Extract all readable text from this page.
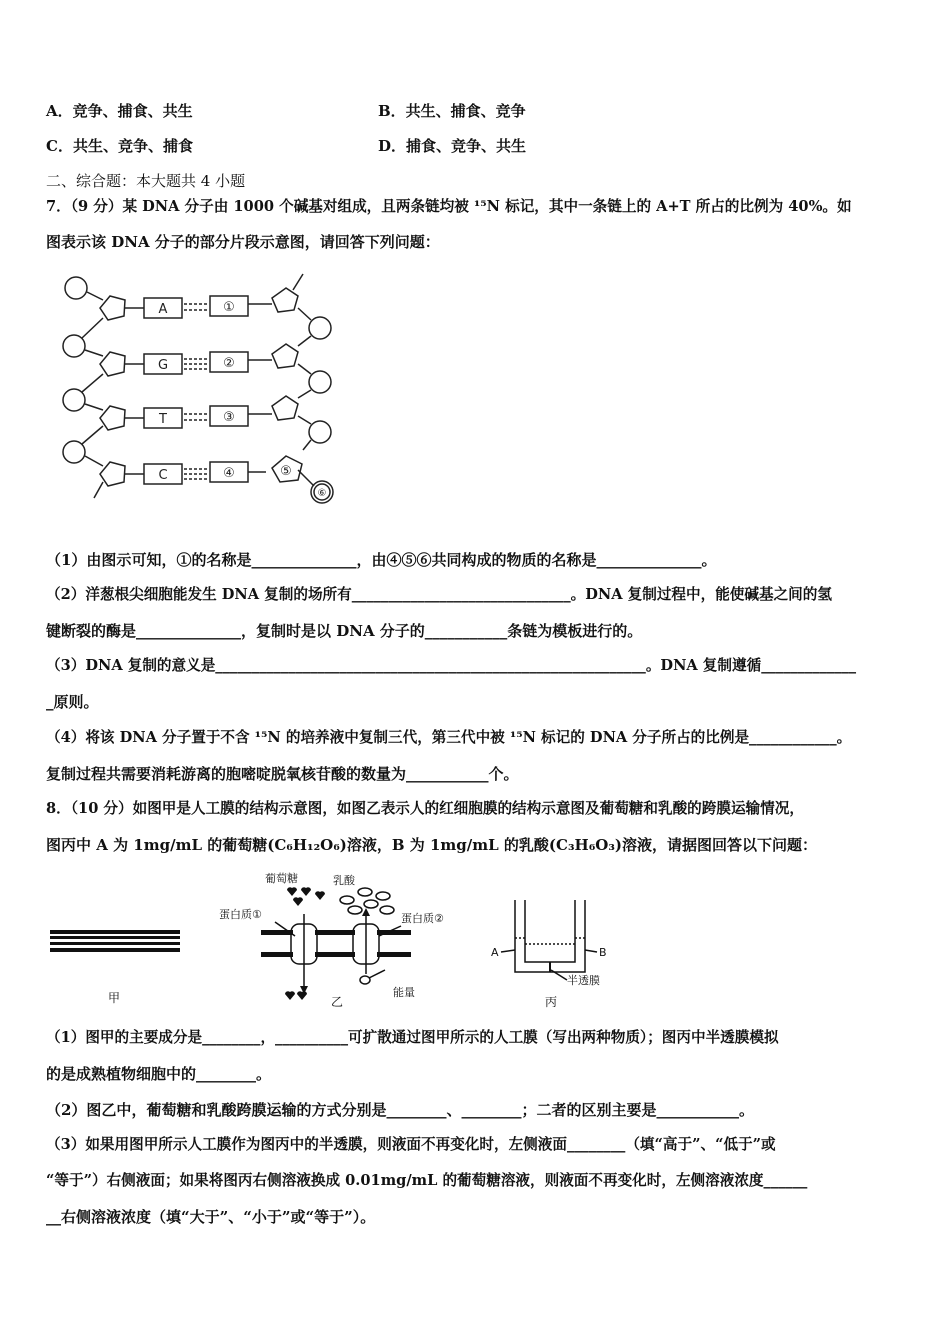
A．竞争、捕食、共生	B．共生、捕食、竞争
C．共生、竞争、捕食	D．捕食、竞争、共生
二、综合题：本大题共 4 小题
7．（9 分）某 DNA 分子由 1000 个碱基对组成，且两条链均被 ¹⁵N 标记，其中一条链上的 A+T 所占的比例为 40%。如
图表示该 DNA 分子的部分片段示意图，请回答下列问题：
A
G
T
C
①
②
③
④	⑤
⑥
（1）由图示可知，①的名称是______________，由④⑤⑥共同构成的物质的名称是______________。
（2）洋葱根尖细胞能发生 DNA 复制的场所有______________________________。DNA 复制过程中，能使碱基之间的氢
键断裂的酶是______________，复制时是以 DNA 分子的___________条链为模板进行的。
（3）DNA 复制的意义是___________________________________________________________。DNA 复制遵循_____________
_原则。
（4）将该 DNA 分子置于不含 ¹⁵N 的培养液中复制三代，第三代中被 ¹⁵N 标记的 DNA 分子所占的比例是____________。
复制过程共需要消耗游离的胞嘧啶脱氧核苷酸的数量为___________个。
8．（10 分）如图甲是人工膜的结构示意图，如图乙表示人的红细胞膜的结构示意图及葡萄糖和乳酸的跨膜运输情况，
图丙中 A 为 1mg/mL 的葡萄糖(C₆H₁₂O₆)溶液，B 为 1mg/mL 的乳酸(C₃H₆O₃)溶液，请据图回答以下问题：
甲
葡萄糖	乳酸
蛋白质①	蛋白质②
能量
乙
A	B
半透膜
丙
（1）图甲的主要成分是________，__________可扩散通过图甲所示的人工膜（写出两种物质）；图丙中半透膜模拟
的是成熟植物细胞中的________。
（2）图乙中，葡萄糖和乳酸跨膜运输的方式分别是________、________；二者的区别主要是___________。
（3）如果用图甲所示人工膜作为图丙中的半透膜，则液面不再变化时，左侧液面________（填“高于”、“低于”或
“等于”）右侧液面；如果将图丙右侧溶液换成 0.01mg/mL 的葡萄糖溶液，则液面不再变化时，左侧溶液浓度______
__右侧溶液浓度（填“大于”、“小于”或“等于”）。
